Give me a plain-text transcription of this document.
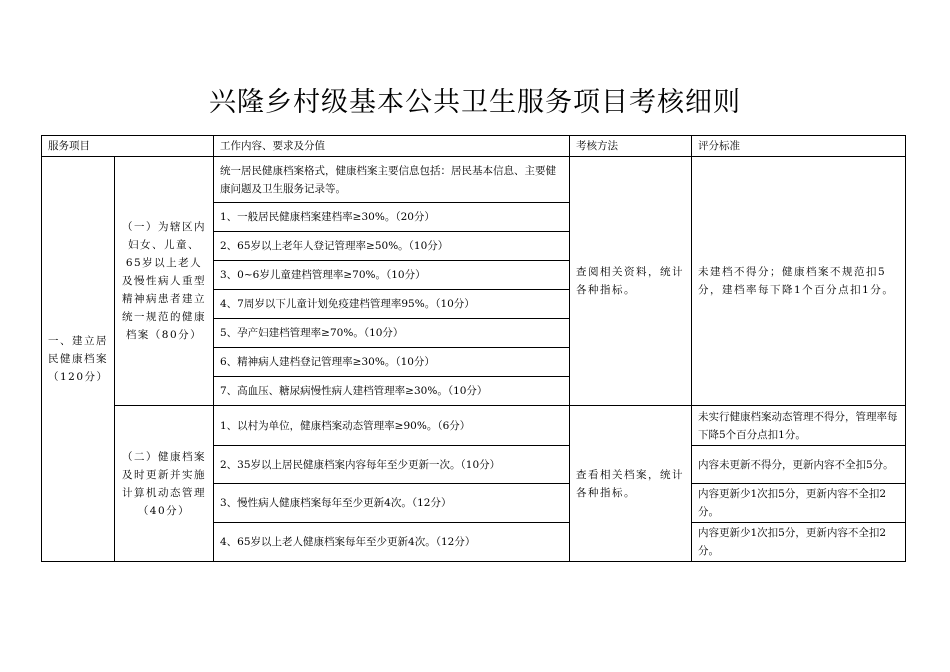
兴隆乡村级基本公共卫生服务项目考核细则
服务项目		工作内容、要求及分值	考核方法	评分标准
一、建立居民健康档案（120分）	（一）为辖区内妇女、儿童、65岁以上老人及慢性病人重型精神病患者建立统一规范的健康档案（80分）	统一居民健康档案格式，健康档案主要信息包括：居民基本信息、主要健康问题及卫生服务记录等。	查阅相关资料，统计各种指标。	未建档不得分；健康档案不规范扣5分，建档率每下降1个百分点扣1分。
		1、一般居民健康档案建档率≥30%。（20分）		
		2、65岁以上老年人登记管理率≥50%。（10分）		
		3、0~6岁儿童建档管理率≥70%。（10分）		
		4、7周岁以下儿童计划免疫建档管理率95%。（10分）		
		5、孕产妇建档管理率≥70%。（10分）		
		6、精神病人建档登记管理率≥30%。（10分）		
		7、高血压、糖尿病慢性病人建档管理率≥30%。（10分）		
	（二）健康档案及时更新并实施计算机动态管理（40分）	1、以村为单位，健康档案动态管理率≥90%。（6分）	查看相关档案，统计各种指标。	未实行健康档案动态管理不得分，管理率每下降5个百分点扣1分。

		2、35岁以上居民健康档案内容每年至少更新一次。（10分）		内容未更新不得分，更新内容不全扣5分。
		3、慢性病人健康档案每年至少更新4次。（12分）		内容更新少1次扣5分，更新内容不全扣2分。
		4、65岁以上老人健康档案每年至少更新4次。（12分）		内容更新少1次扣5分，更新内容不全扣2分。
